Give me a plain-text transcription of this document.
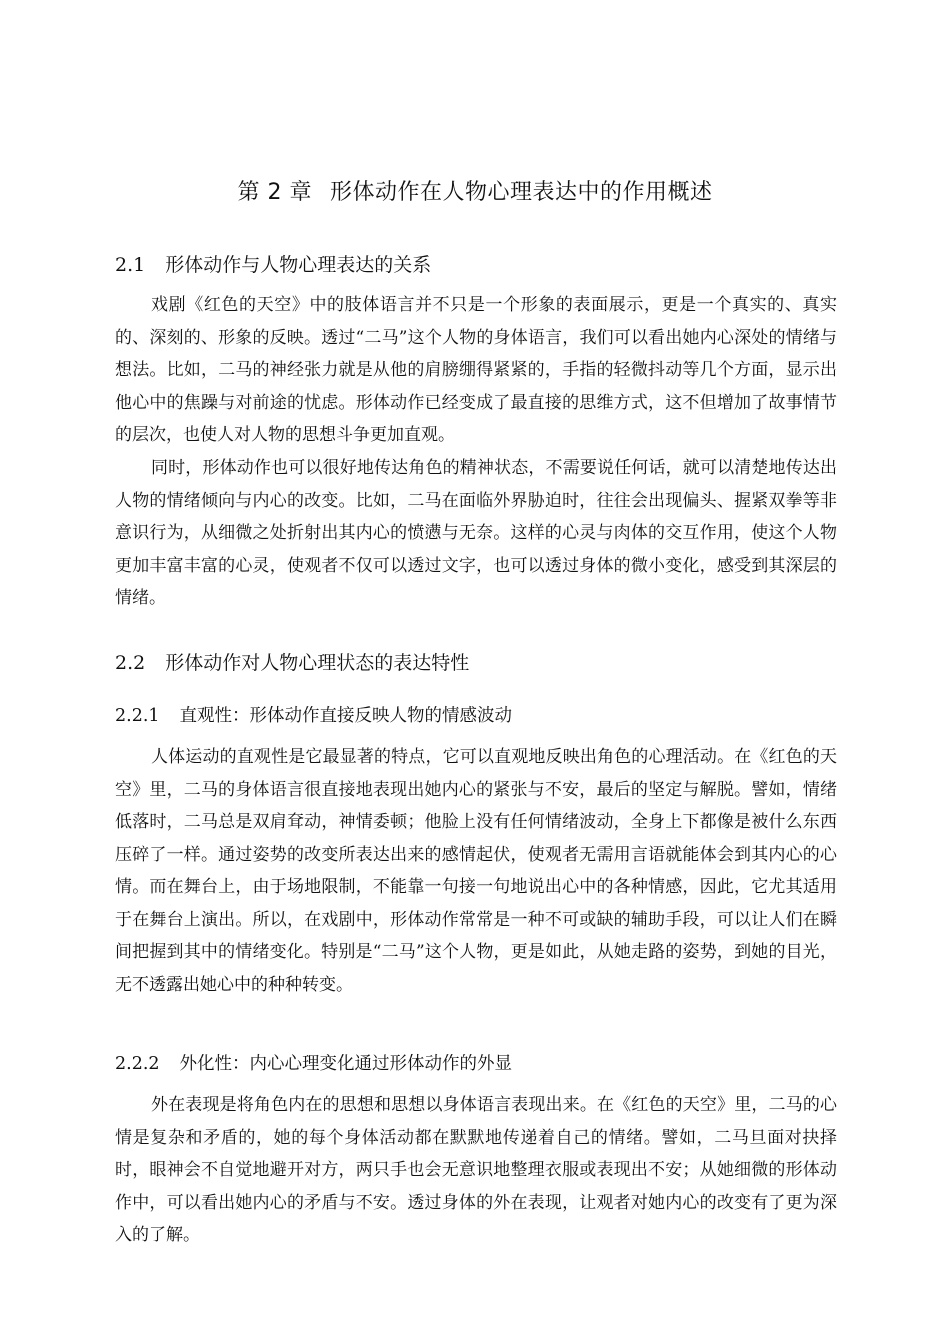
第 2 章 形体动作在人物心理表达中的作用概述
2.1 形体动作与人物心理表达的关系

戏剧《红色的天空》中的肢体语言并不只是一个形象的表面展示，更是一个真实的、真实的、深刻的、形象的反映。透过“二马”这个人物的身体语言，我们可以看出她内心深处的情绪与想法。比如，二马的神经张力就是从他的肩膀绷得紧紧的，手指的轻微抖动等几个方面，显示出他心中的焦躁与对前途的忧虑。形体动作已经变成了最直接的思维方式，这不但增加了故事情节的层次，也使人对人物的思想斗争更加直观。

同时，形体动作也可以很好地传达角色的精神状态，不需要说任何话，就可以清楚地传达出人物的情绪倾向与内心的改变。比如，二马在面临外界胁迫时，往往会出现偏头、握紧双拳等非意识行为，从细微之处折射出其内心的愤懑与无奈。这样的心灵与肉体的交互作用，使这个人物更加丰富丰富的心灵，使观者不仅可以透过文字，也可以透过身体的微小变化，感受到其深层的情绪。

2.2 形体动作对人物心理状态的表达特性
2.2.1 直观性：形体动作直接反映人物的情感波动

人体运动的直观性是它最显著的特点，它可以直观地反映出角色的心理活动。在《红色的天空》里，二马的身体语言很直接地表现出她内心的紧张与不安，最后的坚定与解脱。譬如，情绪低落时，二马总是双肩耷动，神情委顿；他脸上没有任何情绪波动，全身上下都像是被什么东西压碎了一样。通过姿势的改变所表达出来的感情起伏，使观者无需用言语就能体会到其内心的心情。而在舞台上，由于场地限制，不能靠一句接一句地说出心中的各种情感，因此，它尤其适用于在舞台上演出。所以，在戏剧中，形体动作常常是一种不可或缺的辅助手段，可以让人们在瞬间把握到其中的情绪变化。特别是“二马”这个人物，更是如此，从她走路的姿势，到她的目光，无不透露出她心中的种种转变。

2.2.2 外化性：内心心理变化通过形体动作的外显

外在表现是将角色内在的思想和思想以身体语言表现出来。在《红色的天空》里，二马的心情是复杂和矛盾的，她的每个身体活动都在默默地传递着自己的情绪。譬如，二马旦面对抉择时，眼神会不自觉地避开对方，两只手也会无意识地整理衣服或表现出不安；从她细微的形体动作中，可以看出她内心的矛盾与不安。透过身体的外在表现，让观者对她内心的改变有了更为深入的了解。
